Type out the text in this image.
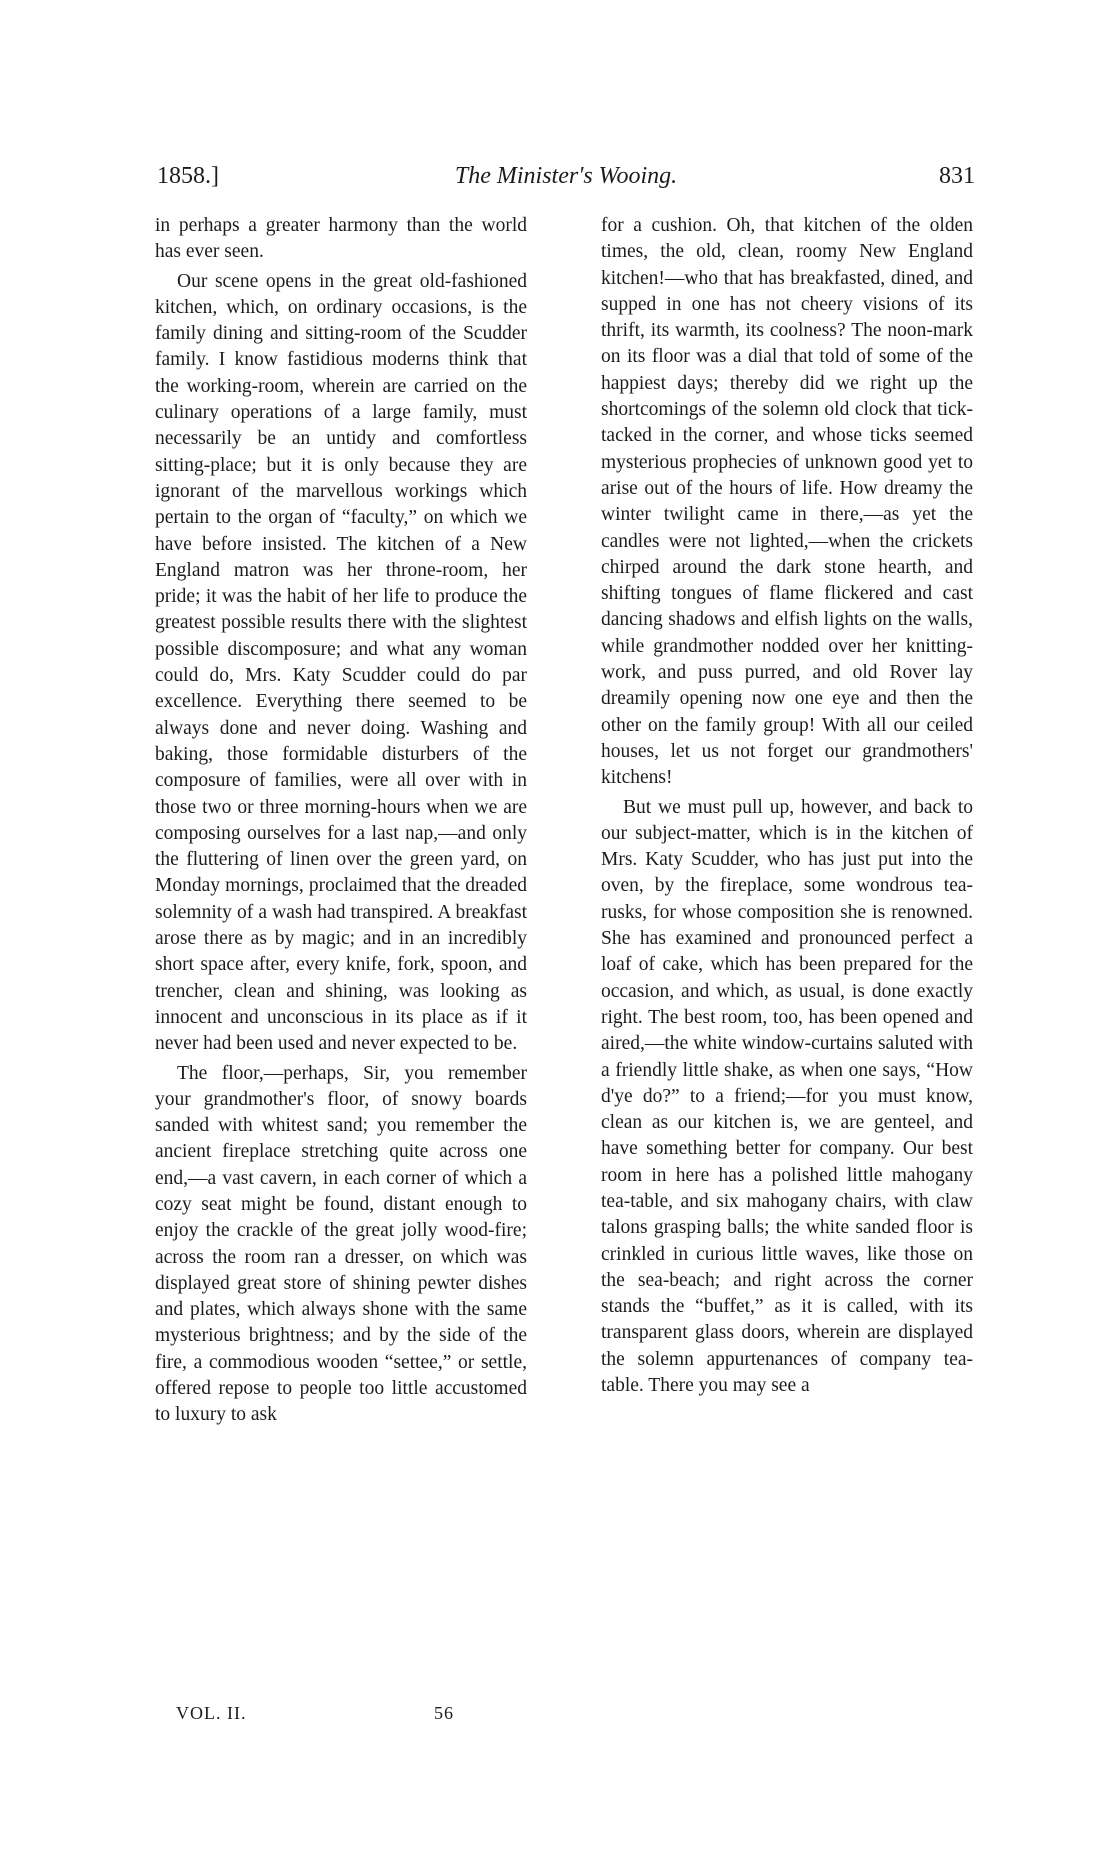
1858.]	The Minister's Wooing.	831

in perhaps a greater harmony than the world has ever seen.

Our scene opens in the great old-fashioned kitchen, which, on ordinary occasions, is the family dining and sitting-room of the Scudder family. I know fastidious moderns think that the working-room, wherein are carried on the culinary operations of a large family, must necessarily be an untidy and comfortless sitting-place; but it is only because they are ignorant of the marvellous workings which pertain to the organ of “faculty,” on which we have before insisted. The kitchen of a New England matron was her throne-room, her pride; it was the habit of her life to produce the greatest possible results there with the slightest possible discomposure; and what any woman could do, Mrs. Katy Scudder could do par excellence. Everything there seemed to be always done and never doing. Washing and baking, those formidable disturbers of the composure of families, were all over with in those two or three morning-hours when we are composing ourselves for a last nap,—and only the fluttering of linen over the green yard, on Monday mornings, proclaimed that the dreaded solemnity of a wash had transpired. A breakfast arose there as by magic; and in an incredibly short space after, every knife, fork, spoon, and trencher, clean and shining, was looking as innocent and unconscious in its place as if it never had been used and never expected to be.

The floor,—perhaps, Sir, you remember your grandmother's floor, of snowy boards sanded with whitest sand; you remember the ancient fireplace stretching quite across one end,—a vast cavern, in each corner of which a cozy seat might be found, distant enough to enjoy the crackle of the great jolly wood-fire; across the room ran a dresser, on which was displayed great store of shining pewter dishes and plates, which always shone with the same mysterious brightness; and by the side of the fire, a commodious wooden “settee,” or settle, offered repose to people too little accustomed to luxury to ask

for a cushion. Oh, that kitchen of the olden times, the old, clean, roomy New England kitchen!—who that has breakfasted, dined, and supped in one has not cheery visions of its thrift, its warmth, its coolness? The noon-mark on its floor was a dial that told of some of the happiest days; thereby did we right up the shortcomings of the solemn old clock that tick-tacked in the corner, and whose ticks seemed mysterious prophecies of unknown good yet to arise out of the hours of life. How dreamy the winter twilight came in there,—as yet the candles were not lighted,—when the crickets chirped around the dark stone hearth, and shifting tongues of flame flickered and cast dancing shadows and elfish lights on the walls, while grandmother nodded over her knitting-work, and puss purred, and old Rover lay dreamily opening now one eye and then the other on the family group! With all our ceiled houses, let us not forget our grandmothers' kitchens!

But we must pull up, however, and back to our subject-matter, which is in the kitchen of Mrs. Katy Scudder, who has just put into the oven, by the fireplace, some wondrous tea-rusks, for whose composition she is renowned. She has examined and pronounced perfect a loaf of cake, which has been prepared for the occasion, and which, as usual, is done exactly right. The best room, too, has been opened and aired,—the white window-curtains saluted with a friendly little shake, as when one says, “How d'ye do?” to a friend;—for you must know, clean as our kitchen is, we are genteel, and have something better for company. Our best room in here has a polished little mahogany tea-table, and six mahogany chairs, with claw talons grasping balls; the white sanded floor is crinkled in curious little waves, like those on the sea-beach; and right across the corner stands the “buffet,” as it is called, with its transparent glass doors, wherein are displayed the solemn appurtenances of company tea-table. There you may see a

VOL. II.	56
